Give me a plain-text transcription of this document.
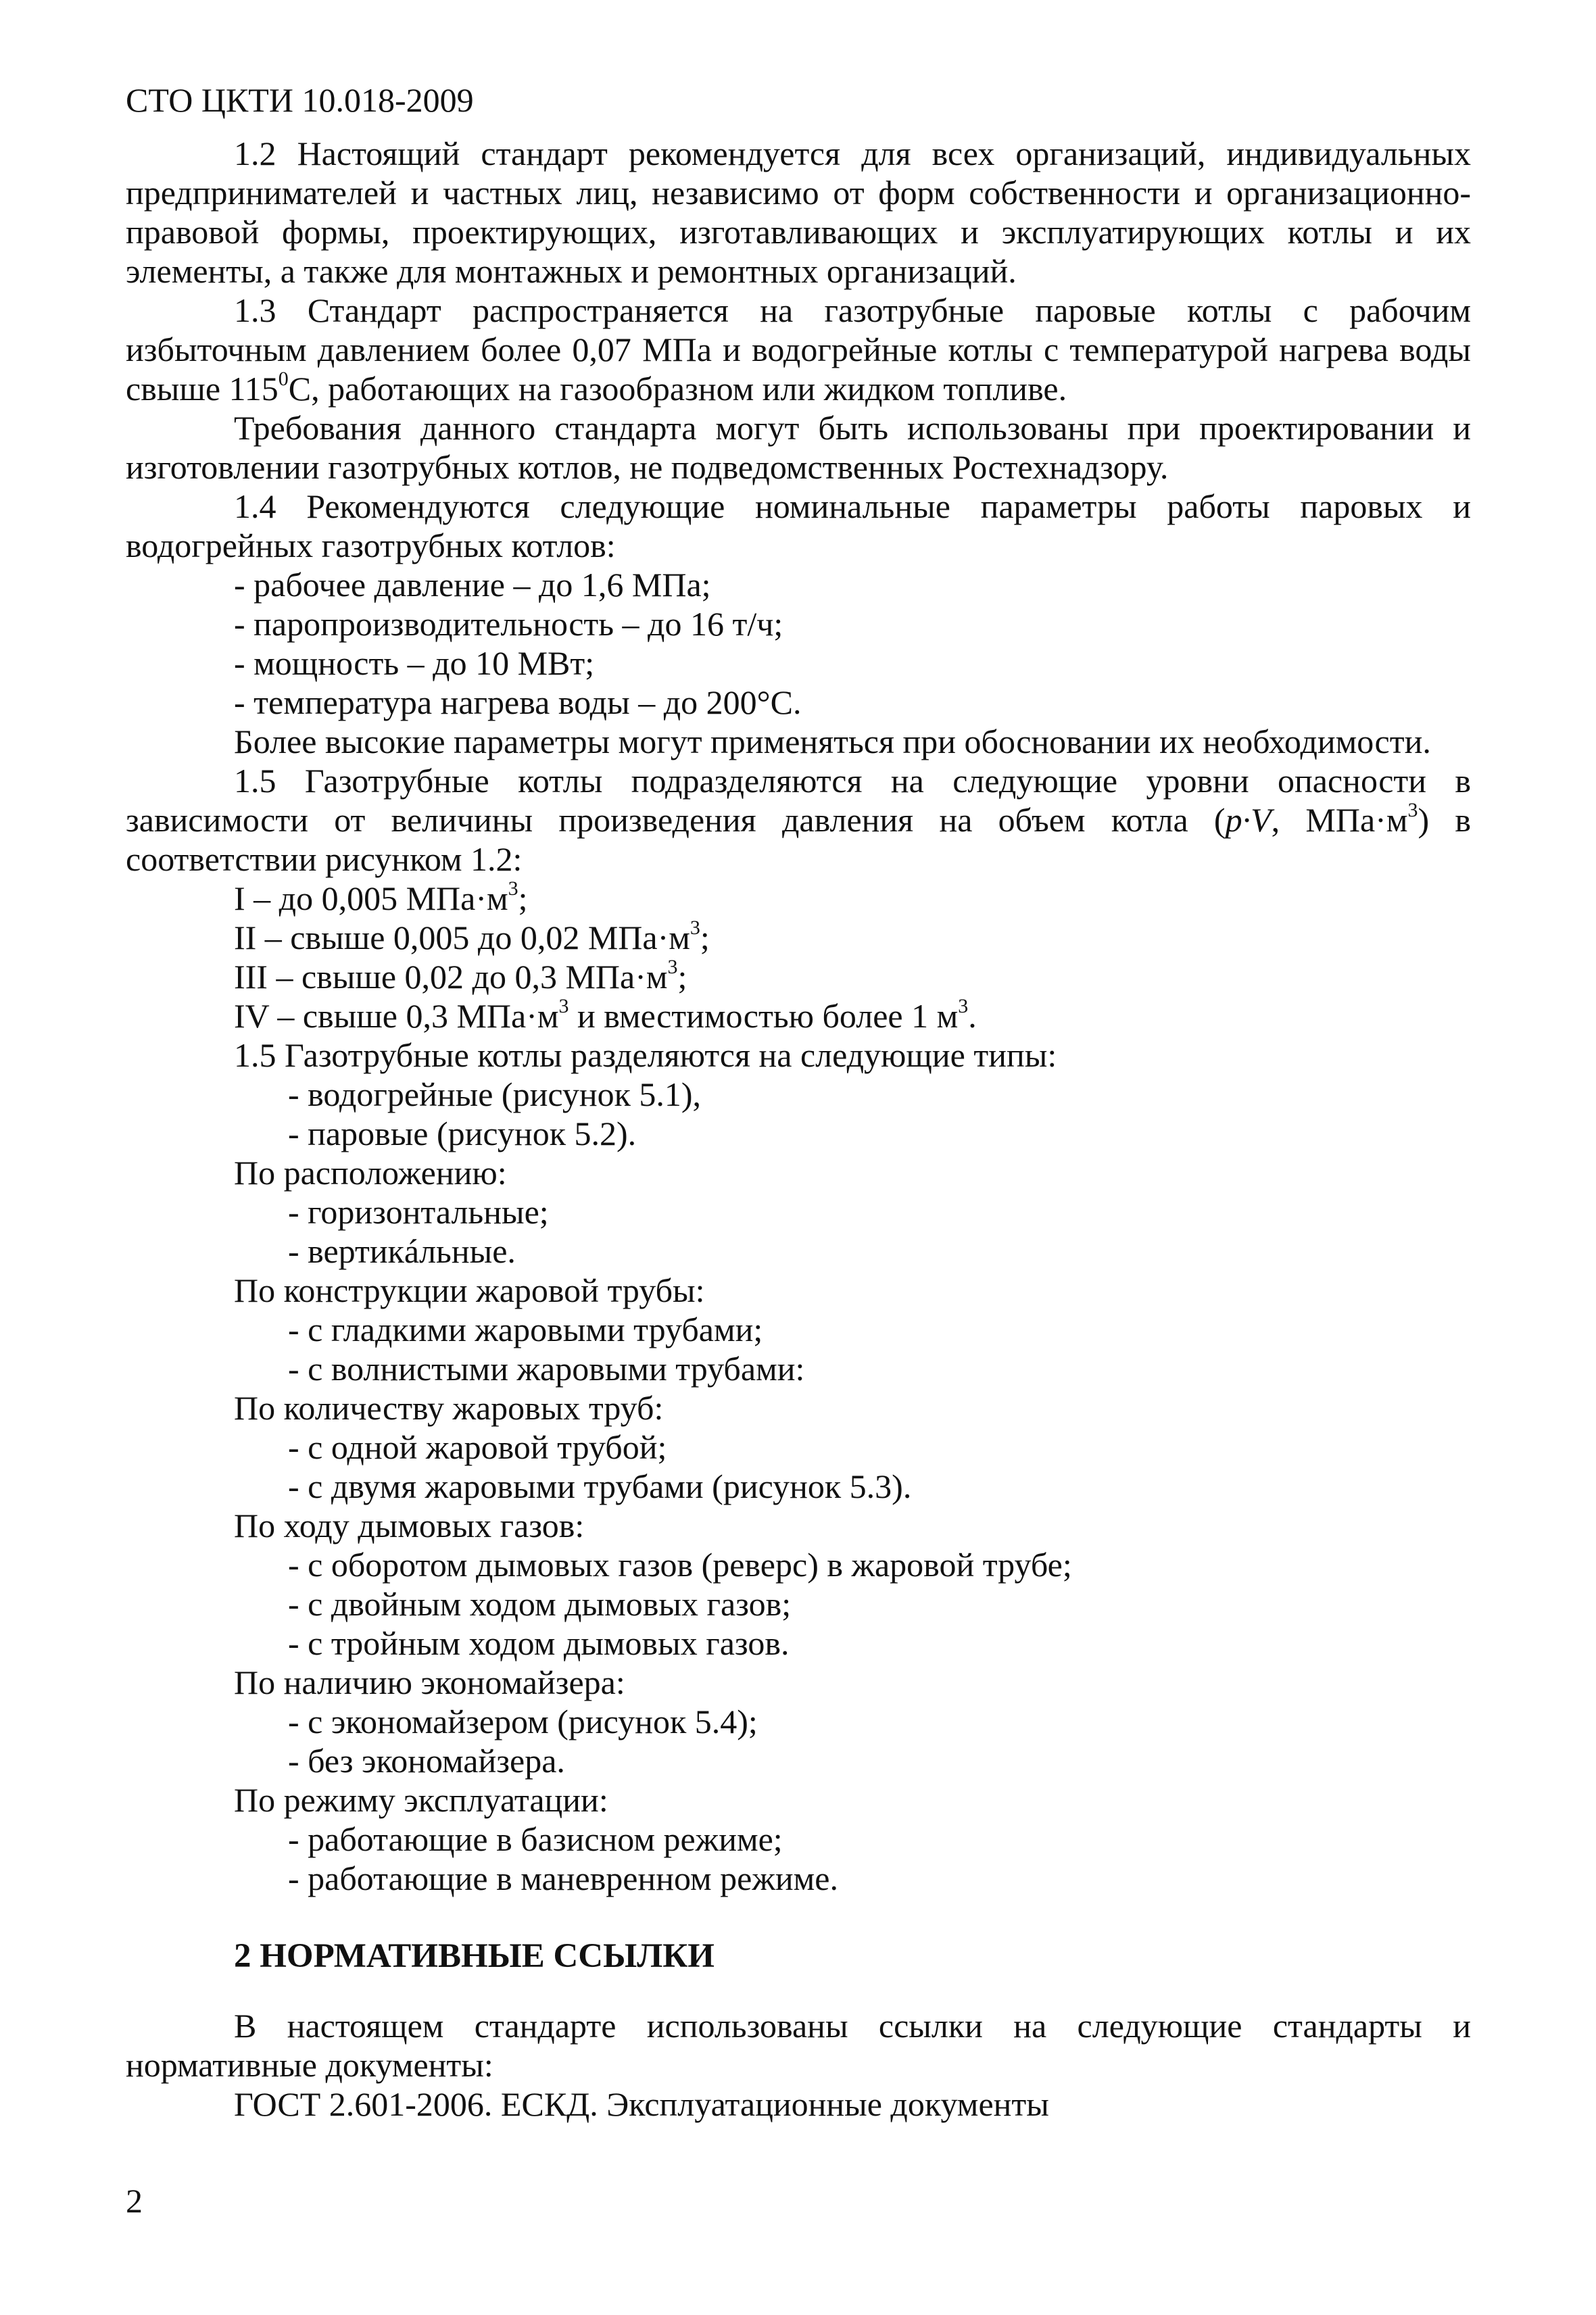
СТО ЦКТИ 10.018-2009

1.2 Настоящий стандарт рекомендуется для всех организаций, индивидуальных предпринимателей и частных лиц, независимо от форм собственности и организационно-правовой формы, проектирующих, изготавливающих и эксплуатирующих котлы и их элементы, а также для монтажных и ремонтных организаций.

1.3 Стандарт распространяется на газотрубные паровые котлы с рабочим избыточным давлением более 0,07 МПа и водогрейные котлы с температурой нагрева воды свыше $115^0С$, работающих на газообразном или жидком топливе.

Требования данного стандарта могут быть использованы при проектировании и изготовлении газотрубных котлов, не подведомственных Ростехнадзору.

1.4 Рекомендуются следующие номинальные параметры работы паровых и водогрейных газотрубных котлов:

- рабочее давление – до 1,6 МПа;

- паропроизводительность – до 16 т/ч;

- мощность – до 10 МВт;

- температура нагрева воды – до 200°С.

Более высокие параметры могут применяться при обосновании их необходимости.

1.5 Газотрубные котлы подразделяются на следующие уровни опасности в зависимости от величины произведения давления на объем котла (p·V, $МПа\cdot м^3$) в соответствии рисунком 1.2:

I – до 0,005 $МПа\cdot м^3$;

II – свыше 0,005 до 0,02 $МПа\cdot м^3$;

III – свыше 0,02 до 0,3 $МПа\cdot м^3$;

IV – свыше 0,3 $МПа\cdot м^3$ и вместимостью более 1 $м^3$.

1.5 Газотрубные котлы разделяются на следующие типы:

- водогрейные (рисунок 5.1),

- паровые (рисунок 5.2).

По расположению:

- горизонтальные;

- вертикáльные.

По конструкции жаровой трубы:

- с гладкими жаровыми трубами;

- с волнистыми жаровыми трубами:

По количеству жаровых труб:

- с одной жаровой трубой;

- с двумя жаровыми трубами (рисунок 5.3).

По ходу дымовых газов:

- с оборотом дымовых газов (реверс) в жаровой трубе;

- с двойным ходом дымовых газов;

- с тройным ходом дымовых газов.

По наличию экономайзера:

- с экономайзером (рисунок 5.4);

- без экономайзера.

По режиму эксплуатации:

- работающие в базисном режиме;

- работающие в маневренном режиме.

2 НОРМАТИВНЫЕ ССЫЛКИ

В настоящем стандарте использованы ссылки на следующие стандарты и нормативные документы:

ГОСТ 2.601-2006. ЕСКД. Эксплуатационные документы

2
